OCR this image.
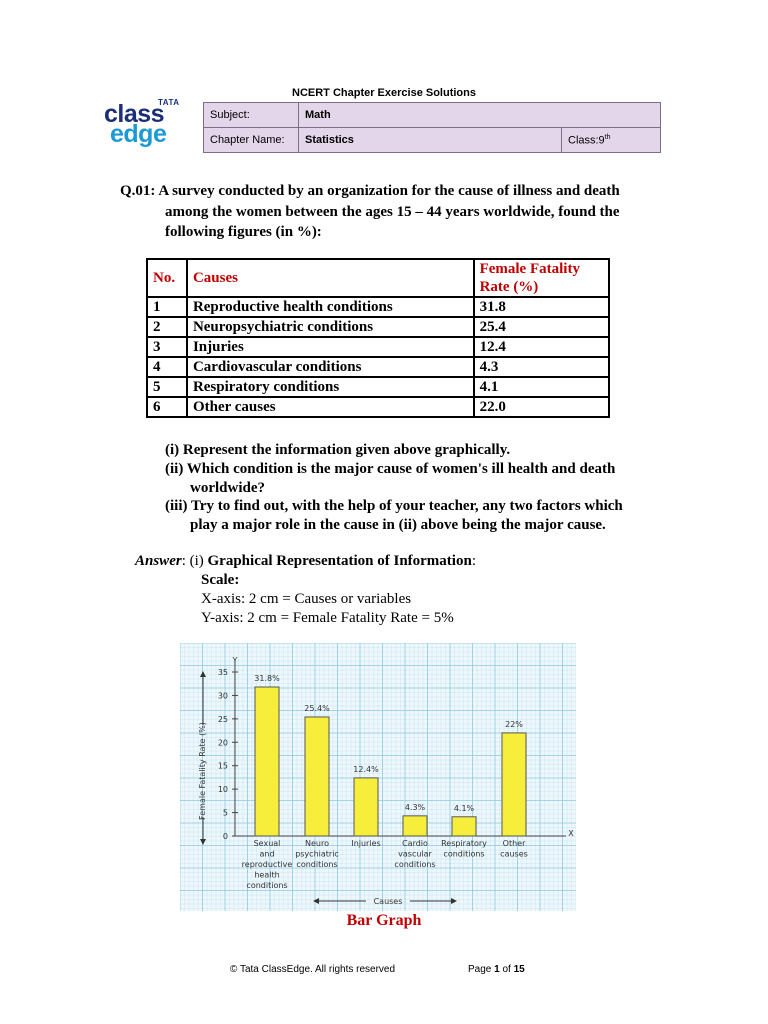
TATA
class
edge
NCERT Chapter Exercise Solutions
Subject:	Math	
Chapter Name:	Statistics	Class:9th
Q.01: A survey conducted by an organization for the cause of illness and death
among the women between the ages 15 – 44 years worldwide, found the
following figures (in %):
No.	Causes	Female Fatality
Rate (%)

1	Reproductive health conditions	31.8
2	Neuropsychiatric conditions	25.4
3	Injuries	12.4
4	Cardiovascular conditions	4.3
5	Respiratory conditions	4.1
6	Other causes	22.0
(i) Represent the information given above graphically.
(ii) Which condition is the major cause of women's ill health and death
worldwide?
(iii) Try to find out, with the help of your teacher, any two factors which
play a major role in the cause in (ii) above being the major cause.
Answer: (i) Graphical Representation of Information:
Scale:
X-axis: 2 cm = Causes or variables
Y-axis: 2 cm = Female Fatality Rate = 5%
Y
X
0
5
10
15
20
25
30
35
Female Fatality Rate (%)
31.8%
Sexual
and
reproductive
health
conditions
25.4%
Neuro
psychiatric
conditions
12.4%
Injuries
4.3%
Cardio
vascular
conditions
4.1%
Respiratory
conditions
22%
Other
causes
Causes
Bar Graph
© Tata ClassEdge. All rights reserved	Page 1 of 15
